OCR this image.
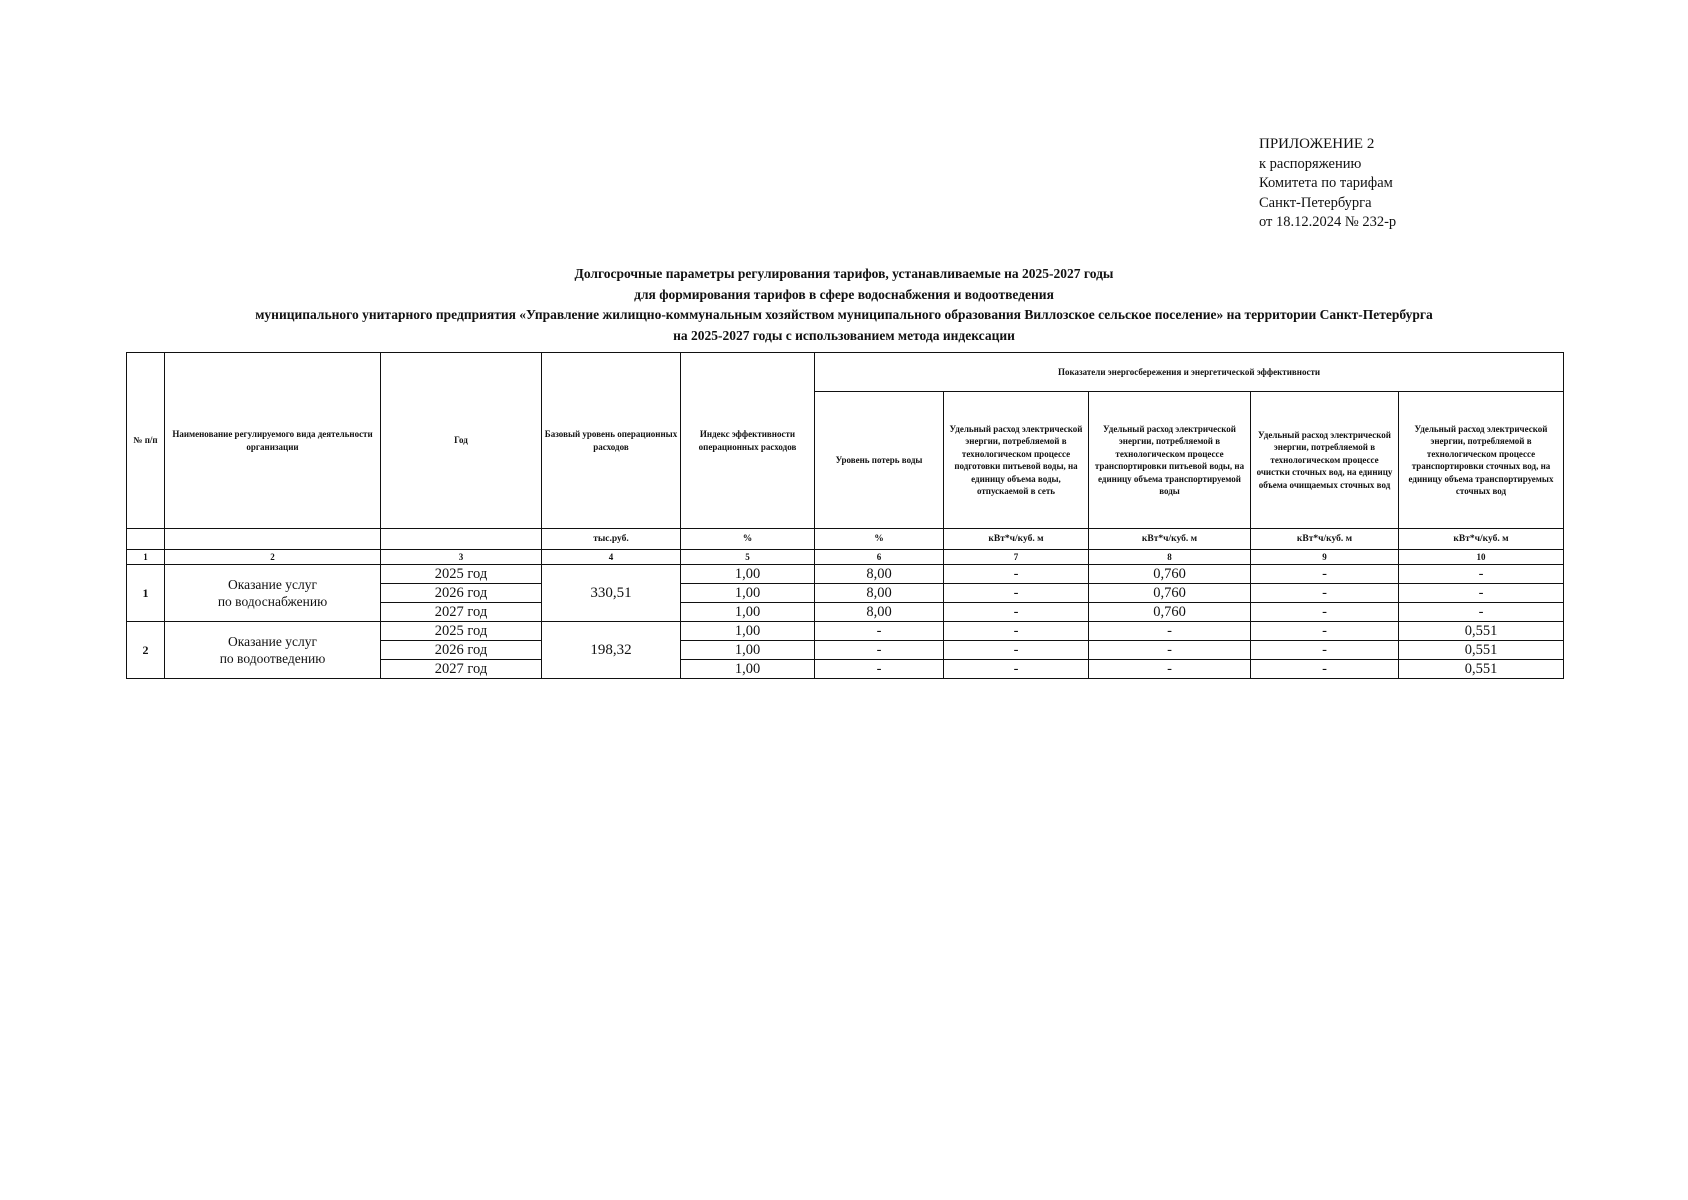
ПРИЛОЖЕНИЕ 2
к распоряжению
Комитета по тарифам
Санкт-Петербурга
от 18.12.2024 № 232-р
Долгосрочные параметры регулирования тарифов, устанавливаемые на 2025-2027 годы
для формирования тарифов в сфере водоснабжения и водоотведения
муниципального унитарного предприятия «Управление жилищно-коммунальным хозяйством муниципального образования Виллозское сельское поселение» на территории Санкт-Петербурга
на 2025-2027 годы с использованием метода индексации
№ п/п	Наименование регулируемого вида деятельности организации	Год	Базовый уровень операционных расходов	Индекс эффективности операционных расходов	Показатели энергосбережения и энергетической эффективности				
					Уровень потерь воды	Удельный расход электрической энергии, потребляемой в технологическом процессе подготовки питьевой воды, на единицу объема воды, отпускаемой в сеть	Удельный расход электрической энергии, потребляемой в технологическом процессе транспортировки питьевой воды, на единицу объема транспортируемой воды	Удельный расход электрической энергии, потребляемой в технологическом процессе очистки сточных вод, на единицу объема очищаемых сточных вод	Удельный расход электрической энергии, потребляемой в технологическом процессе транспортировки сточных вод, на единицу объема транспортируемых сточных вод
			тыс.руб.	%	%	кВт*ч/куб. м	кВт*ч/куб. м	кВт*ч/куб. м	кВт*ч/куб. м
1	2	3	4	5	6	7	8	9	10
1	Оказание услуг
по водоснабжению	2025 год	330,51	1,00	8,00	-	0,760	-	-
		2026 год		1,00	8,00	-	0,760	-	-
		2027 год		1,00	8,00	-	0,760	-	-
2	Оказание услуг
по водоотведению	2025 год	198,32	1,00	-	-	-	-	0,551
		2026 год		1,00	-	-	-	-	0,551
		2027 год		1,00	-	-	-	-	0,551
